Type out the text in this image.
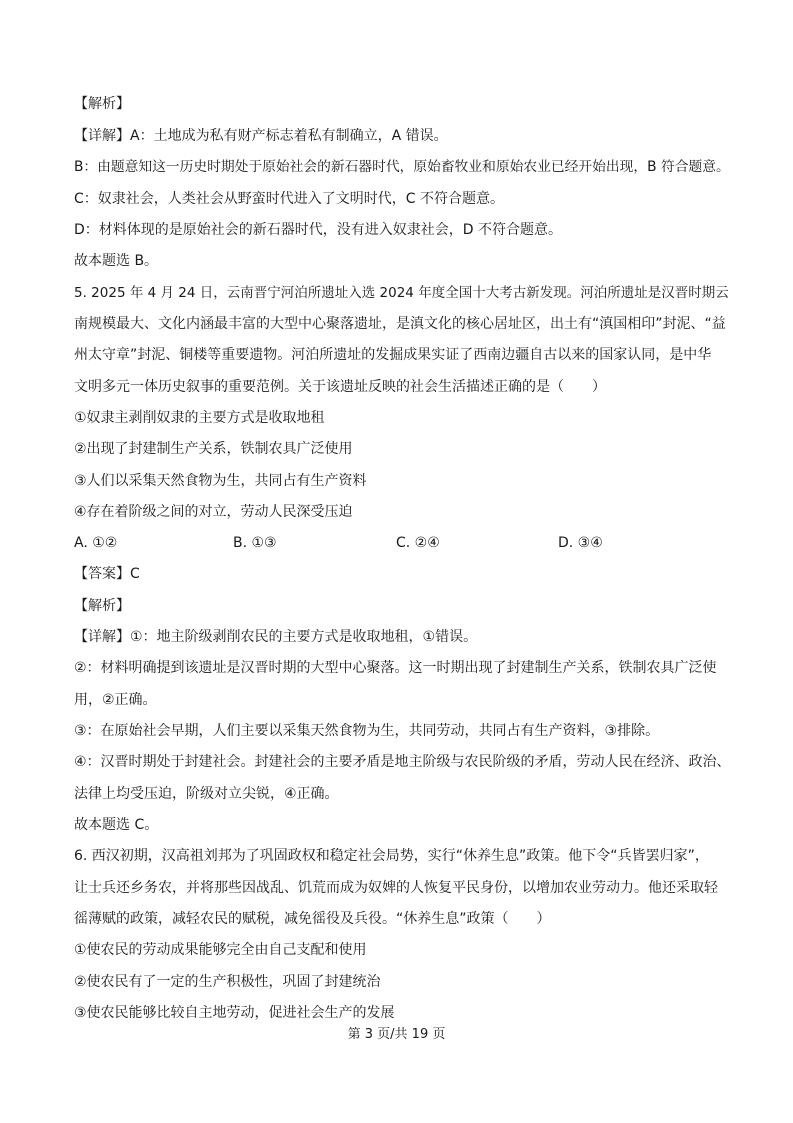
【解析】
【详解】A：土地成为私有财产标志着私有制确立，A 错误。
B：由题意知这一历史时期处于原始社会的新石器时代，原始畜牧业和原始农业已经开始出现，B 符合题意。
C：奴隶社会，人类社会从野蛮时代进入了文明时代，C 不符合题意。
D：材料体现的是原始社会的新石器时代，没有进入奴隶社会，D 不符合题意。
故本题选 B。
5. 2025 年 4 月 24 日，云南晋宁河泊所遗址入选 2024 年度全国十大考古新发现。河泊所遗址是汉晋时期云
南规模最大、文化内涵最丰富的大型中心聚落遗址，是滇文化的核心居址区，出土有“滇国相印”封泥、“益
州太守章”封泥、铜楼等重要遗物。河泊所遗址的发掘成果实证了西南边疆自古以来的国家认同，是中华
文明多元一体历史叙事的重要范例。关于该遗址反映的社会生活描述正确的是（　　）
①奴隶主剥削奴隶的主要方式是收取地租
②出现了封建制生产关系，铁制农具广泛使用
③人们以采集天然食物为生，共同占有生产资料
④存在着阶级之间的对立，劳动人民深受压迫
A. ①②	B. ①③	C. ②④	D. ③④
【答案】C
【解析】
【详解】①：地主阶级剥削农民的主要方式是收取地租，①错误。
②：材料明确提到该遗址是汉晋时期的大型中心聚落。这一时期出现了封建制生产关系，铁制农具广泛使
用，②正确。
③：在原始社会早期，人们主要以采集天然食物为生，共同劳动，共同占有生产资料，③排除。
④：汉晋时期处于封建社会。封建社会的主要矛盾是地主阶级与农民阶级的矛盾，劳动人民在经济、政治、
法律上均受压迫，阶级对立尖锐，④正确。
故本题选 C。
6. 西汉初期，汉高祖刘邦为了巩固政权和稳定社会局势，实行“休养生息”政策。他下令“兵皆罢归家”，
让士兵还乡务农，并将那些因战乱、饥荒而成为奴婢的人恢复平民身份，以增加农业劳动力。他还采取轻
徭薄赋的政策，减轻农民的赋税，减免徭役及兵役。“休养生息”政策（　　）
①使农民的劳动成果能够完全由自己支配和使用
②使农民有了一定的生产积极性，巩固了封建统治
③使农民能够比较自主地劳动，促进社会生产的发展
第 3 页/共 19 页
